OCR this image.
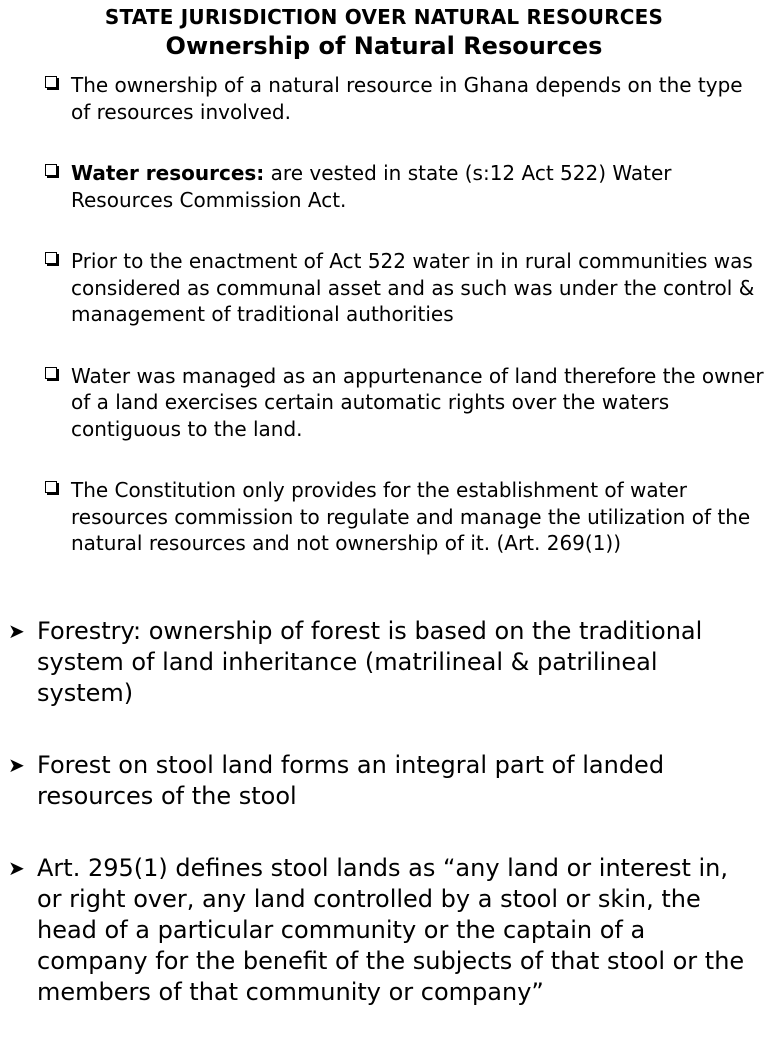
STATE JURISDICTION OVER NATURAL RESOURCES
Ownership of Natural Resources
The ownership of a natural resource in Ghana depends on the type of resources involved.
Water resources: are vested in state (s:12 Act 522) Water Resources Commission Act.
Prior to the enactment of Act 522 water in in rural communities was considered as communal asset and as such was under the control & management of traditional authorities
Water was managed as an appurtenance of land therefore the owner of a land exercises certain automatic rights over the waters contiguous to the land.
The Constitution only provides for the establishment of water resources commission to regulate and manage the utilization of the natural resources and not ownership of it. (Art. 269(1))
➤ Forestry: ownership of forest is based on the traditional system of land inheritance (matrilineal & patrilineal system)
➤ Forest on stool land forms an integral part of landed resources of the stool
➤ Art. 295(1) defines stool lands as “any land or interest in, or right over, any land controlled by a stool or skin, the head of a particular community or the captain of a company for the benefit of the subjects of that stool or the members of that community or company”
